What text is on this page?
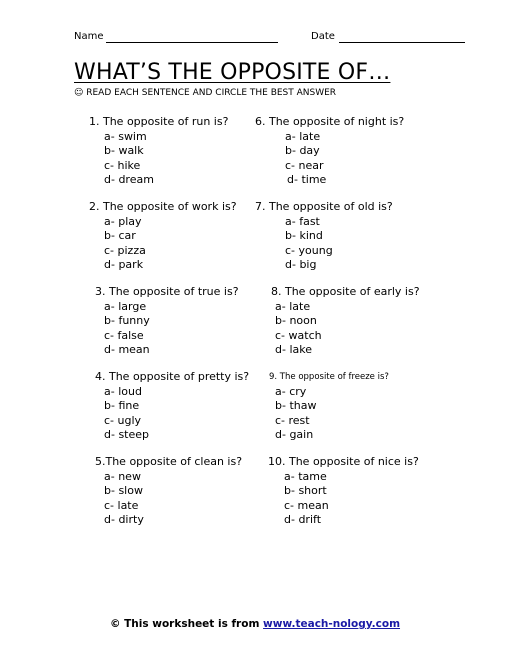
Name	Date
WHAT’S THE OPPOSITE OF…
☺ READ EACH SENTENCE AND CIRCLE THE BEST ANSWER
1. The opposite of run is?
a- swim
b- walk
c- hike
d- dream
2. The opposite of work is?
a- play
b- car
c- pizza
d- park
3. The opposite of true is?
a- large
b- funny
c- false
d- mean
4. The opposite of pretty is?
a- loud
b- fine
c- ugly
d- steep
5.The opposite of clean is?
a- new
b- slow
c- late
d- dirty
6. The opposite of night is?
a- late
b- day
c- near
d- time
7. The opposite of old is?
a- fast
b- kind
c- young
d- big
8. The opposite of early is?
a- late
b- noon
c- watch
d- lake
9. The opposite of freeze is?
a- cry
b- thaw
c- rest
d- gain
10. The opposite of nice is?
a- tame
b- short
c- mean
d- drift
© This worksheet is from www.teach-nology.com
